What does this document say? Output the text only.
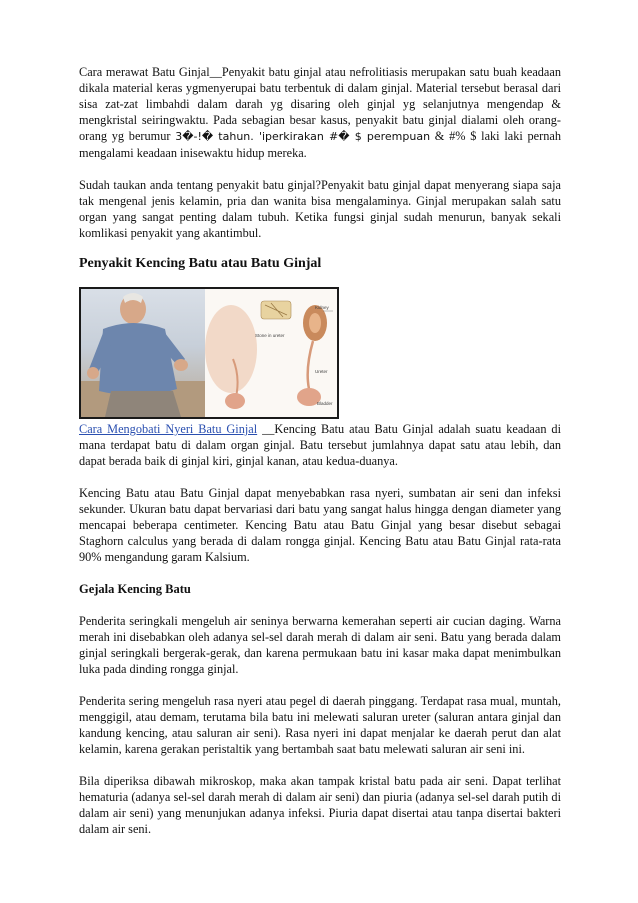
Cara merawat Batu Ginjal__Penyakit batu ginjal atau nefrolitiasis merupakan satu buah keadaan dikala material keras ygmenyerupai batu terbentuk di dalam ginjal. Material tersebut berasal dari sisa zat-zat limbahdi dalam darah yg disaring oleh ginjal yg selanjutnya mengendap & mengkristal seiringwaktu. Pada sebagian besar kasus, penyakit batu ginjal dialami oleh orang-orang yg berumur 3�-!� tahun. 'iperkirakan #� $ perempuan & #% $ laki laki pernah mengalami keadaan inisewaktu hidup mereka.

Sudah taukan anda tentang penyakit batu ginjal?Penyakit batu ginjal dapat menyerang siapa saja tak mengenal jenis kelamin, pria dan wanita bisa mengalaminya. Ginjal merupakan salah satu organ yang sangat penting dalam tubuh. Ketika fungsi ginjal sudah menurun, banyak sekali komlikasi penyakit yang akantimbul.

Penyakit Kencing Batu atau Batu Ginjal
Kidney
Stone in ureter
Ureter
Bladder

Cara Mengobati Nyeri Batu Ginjal __Kencing Batu atau Batu Ginjal adalah suatu keadaan di mana terdapat batu di dalam organ ginjal. Batu tersebut jumlahnya dapat satu atau lebih, dan dapat berada baik di ginjal kiri, ginjal kanan, atau kedua-duanya.

Kencing Batu atau Batu Ginjal dapat menyebabkan rasa nyeri, sumbatan air seni dan infeksi sekunder. Ukuran batu dapat bervariasi dari batu yang sangat halus hingga dengan diameter yang mencapai beberapa centimeter. Kencing Batu atau Batu Ginjal yang besar disebut sebagai Staghorn calculus yang berada di dalam rongga ginjal. Kencing Batu atau Batu Ginjal rata-rata 90% mengandung garam Kalsium.

Gejala Kencing Batu

Penderita seringkali mengeluh air seninya berwarna kemerahan seperti air cucian daging. Warna merah ini disebabkan oleh adanya sel-sel darah merah di dalam air seni. Batu yang berada dalam ginjal seringkali bergerak-gerak, dan karena permukaan batu ini kasar maka dapat menimbulkan luka pada dinding rongga ginjal.

Penderita sering mengeluh rasa nyeri atau pegel di daerah pinggang. Terdapat rasa mual, muntah, menggigil, atau demam, terutama bila batu ini melewati saluran ureter (saluran antara ginjal dan kandung kencing, atau saluran air seni). Rasa nyeri ini dapat menjalar ke daerah perut dan alat kelamin, karena gerakan peristaltik yang bertambah saat batu melewati saluran air seni ini.

Bila diperiksa dibawah mikroskop, maka akan tampak kristal batu pada air seni. Dapat terlihat hematuria (adanya sel-sel darah merah di dalam air seni) dan piuria (adanya sel-sel darah putih di dalam air seni) yang menunjukan adanya infeksi. Piuria dapat disertai atau tanpa disertai bakteri dalam air seni.
